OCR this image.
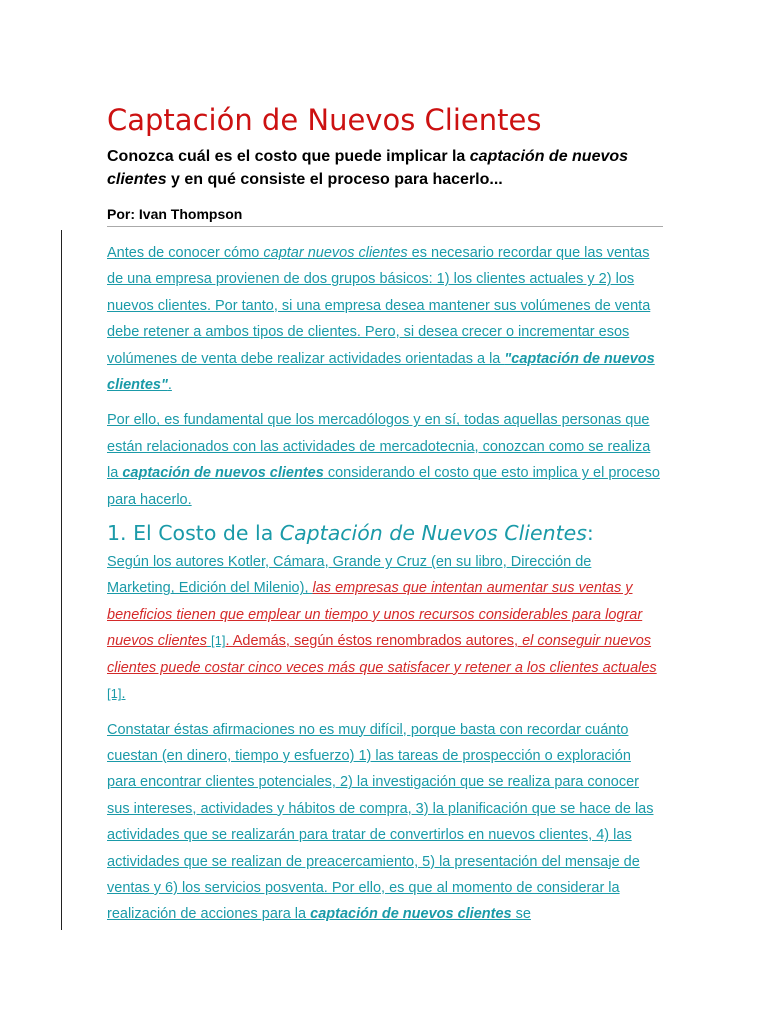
Captación de Nuevos Clientes

Conozca cuál es el costo que puede implicar la captación de nuevos clientes y en qué consiste el proceso para hacerlo...

Por: Ivan Thompson

Antes de conocer cómo captar nuevos clientes es necesario recordar que las ventas de una empresa provienen de dos grupos básicos: 1) los clientes actuales y 2) los nuevos clientes. Por tanto, si una empresa desea mantener sus volúmenes de venta debe retener a ambos tipos de clientes. Pero, si desea crecer o incrementar esos volúmenes de venta debe realizar actividades orientadas a la "captación de nuevos clientes".

Por ello, es fundamental que los mercadólogos y en sí, todas aquellas personas que están relacionados con las actividades de mercadotecnia, conozcan como se realiza la captación de nuevos clientes considerando el costo que esto implica y el proceso para hacerlo.

1. El Costo de la Captación de Nuevos Clientes:

Según los autores Kotler, Cámara, Grande y Cruz (en su libro, Dirección de Marketing, Edición del Milenio), las empresas que intentan aumentar sus ventas y beneficios tienen que emplear un tiempo y unos recursos considerables para lograr nuevos clientes [1]. Además, según éstos renombrados autores, el conseguir nuevos clientes puede costar cinco veces más que satisfacer y retener a los clientes actuales [1].

Constatar éstas afirmaciones no es muy difícil, porque basta con recordar cuánto cuestan (en dinero, tiempo y esfuerzo) 1) las tareas de prospección o exploración para encontrar clientes potenciales, 2) la investigación que se realiza para conocer sus intereses, actividades y hábitos de compra, 3) la planificación que se hace de las actividades que se realizarán para tratar de convertirlos en nuevos clientes, 4) las actividades que se realizan de preacercamiento, 5) la presentación del mensaje de ventas y 6) los servicios posventa. Por ello, es que al momento de considerar la realización de acciones para la captación de nuevos clientes se
